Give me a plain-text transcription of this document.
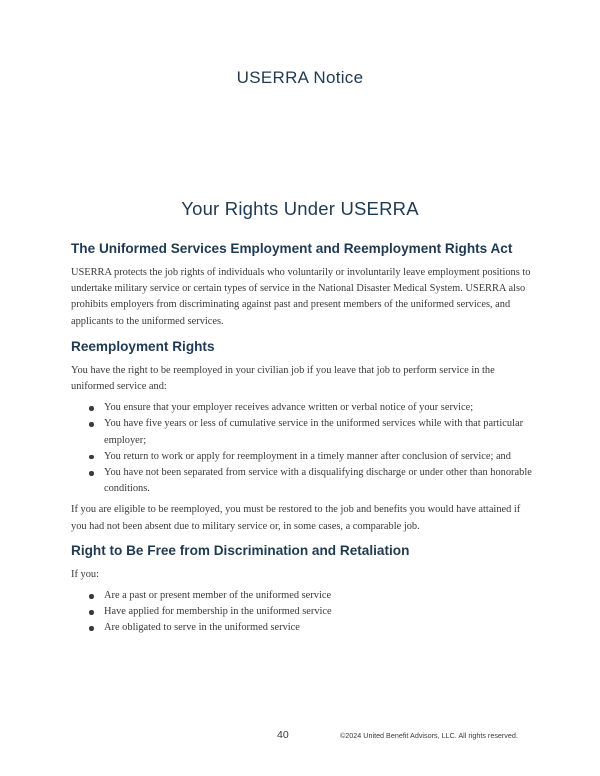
USERRA Notice
Your Rights Under USERRA
The Uniformed Services Employment and Reemployment Rights Act

USERRA protects the job rights of individuals who voluntarily or involuntarily leave employment positions to undertake military service or certain types of service in the National Disaster Medical System. USERRA also prohibits employers from discriminating against past and present members of the uniformed services, and applicants to the uniformed services.

Reemployment Rights

You have the right to be reemployed in your civilian job if you leave that job to perform service in the uniformed service and:

You ensure that your employer receives advance written or verbal notice of your service;
You have five years or less of cumulative service in the uniformed services while with that particular employer;
You return to work or apply for reemployment in a timely manner after conclusion of service; and
You have not been separated from service with a disqualifying discharge or under other than honorable conditions.

If you are eligible to be reemployed, you must be restored to the job and benefits you would have attained if you had not been absent due to military service or, in some cases, a comparable job.

Right to Be Free from Discrimination and Retaliation

If you:

Are a past or present member of the uniformed service
Have applied for membership in the uniformed service
Are obligated to serve in the uniformed service
40	©2024 United Benefit Advisors, LLC. All rights reserved.
